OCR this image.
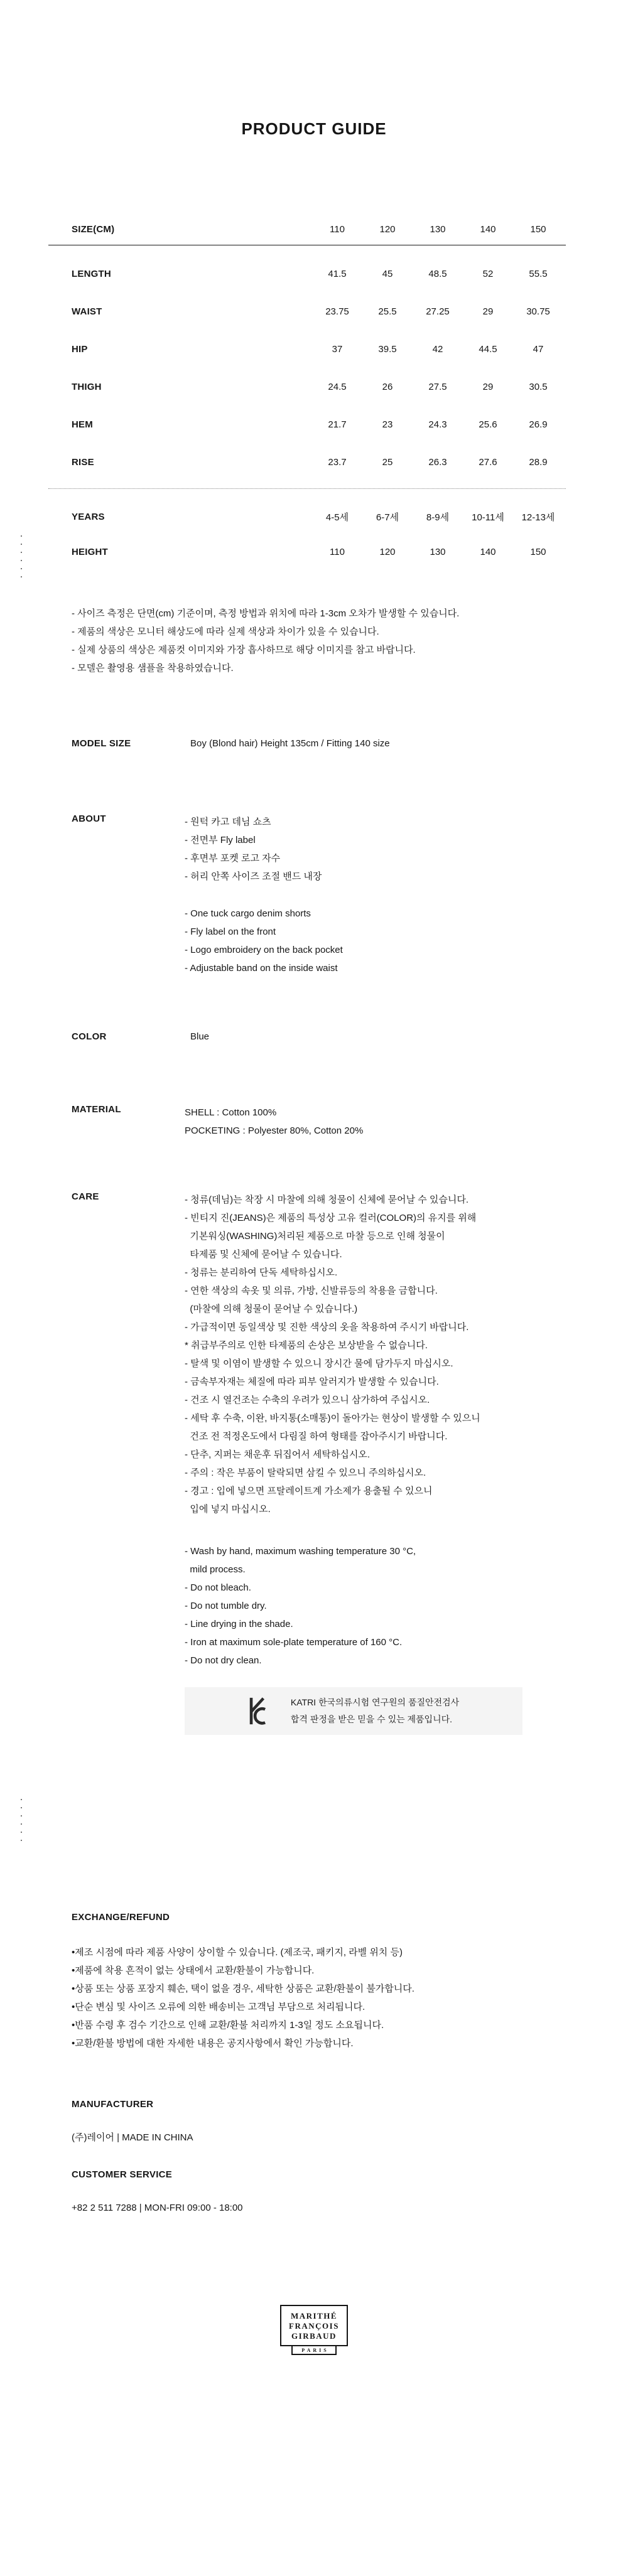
PRODUCT GUIDE
SIZE(CM)	110	120	130	140	150
LENGTH	41.5	45	48.5	52	55.5
WAIST	23.75	25.5	27.25	29	30.75
HIP	37	39.5	42	44.5	47
THIGH	24.5	26	27.5	29	30.5
HEM	21.7	23	24.3	25.6	26.9
RISE	23.7	25	26.3	27.6	28.9
YEARS	4-5세	6-7세	8-9세	10-11세	12-13세
HEIGHT	110	120	130	140	150
- 사이즈 측정은 단면(cm) 기준이며, 측정 방법과 위치에 따라 1-3cm 오차가 발생할 수 있습니다.
- 제품의 색상은 모니터 해상도에 따라 실제 색상과 차이가 있을 수 있습니다.
- 실제 상품의 색상은 제품컷 이미지와 가장 흡사하므로 해당 이미지를 참고 바랍니다.
- 모델은 촬영용 샘플을 착용하였습니다.
MODEL SIZE	Boy (Blond hair) Height 135cm / Fitting 140 size
ABOUT	- 원턱 카고 데님 쇼츠
- 전면부 Fly label
- 후면부 포켓 로고 자수
- 허리 안쪽 사이즈 조절 밴드 내장
- One tuck cargo denim shorts
- Fly label on the front
- Logo embroidery on the back pocket
- Adjustable band on the inside waist
COLOR	Blue
MATERIAL	SHELL : Cotton 100%
POCKETING : Polyester 80%, Cotton 20%
CARE	- 청류(데님)는 착장 시 마찰에 의해 청물이 신체에 묻어날 수 있습니다.
- 빈티지 진(JEANS)은 제품의 특성상 고유 컬러(COLOR)의 유지를 위해
기본워싱(WASHING)처리된 제품으로 마찰 등으로 인해 청물이
타제품 및 신체에 묻어날 수 있습니다.
- 청류는 분리하여 단독 세탁하십시오.
- 연한 색상의 속옷 및 의류, 가방, 신발류등의 착용을 금합니다.
(마찰에 의해 청물이 묻어날 수 있습니다.)
- 가급적이면 동일색상 및 진한 색상의 옷을 착용하여 주시기 바랍니다.
* 취급부주의로 인한 타제품의 손상은 보상받을 수 없습니다.
- 탈색 및 이염이 발생할 수 있으니 장시간 물에 담가두지 마십시오.
- 금속부자재는 체질에 따라 피부 알러지가 발생할 수 있습니다.
- 건조 시 열건조는 수축의 우려가 있으니 삼가하여 주십시오.
- 세탁 후 수축, 이완, 바지통(소매통)이 돌아가는 현상이 발생할 수 있으니
건조 전 적정온도에서 다림질 하여 형태를 잡아주시기 바랍니다.
- 단추, 지퍼는 채운후 뒤집어서 세탁하십시오.
- 주의 : 작은 부품이 탈락되면 삼킬 수 있으니 주의하십시오.
- 경고 : 입에 넣으면 프탈레이트계 가소제가 용출될 수 있으니
입에 넣지 마십시오.
- Wash by hand, maximum washing temperature 30 °C,
mild process.
- Do not bleach.
- Do not tumble dry.
- Line drying in the shade.
- Iron at maximum sole-plate temperature of 160 °C.
- Do not dry clean.
KATRI 한국의류시험 연구원의 품질안전검사
합격 판정을 받은 믿을 수 있는 제품입니다.
EXCHANGE/REFUND
•제조 시점에 따라 제품 사양이 상이할 수 있습니다. (제조국, 패키지, 라벨 위치 등)
•제품에 착용 흔적이 없는 상태에서 교환/환불이 가능합니다.
•상품 또는 상품 포장지 훼손, 택이 없을 경우, 세탁한 상품은 교환/환불이 불가합니다.
•단순 변심 및 사이즈 오류에 의한 배송비는 고객님 부담으로 처리됩니다.
•반품 수령 후 검수 기간으로 인해 교환/환불 처리까지 1-3일 정도 소요됩니다.
•교환/환불 방법에 대한 자세한 내용은 공지사항에서 확인 가능합니다.
MANUFACTURER
(주)레이어 | MADE IN CHINA
CUSTOMER SERVICE
+82 2 511 7288 | MON-FRI 09:00 - 18:00
MARITHÉ
FRANÇOIS
GIRBAUD
PARIS
